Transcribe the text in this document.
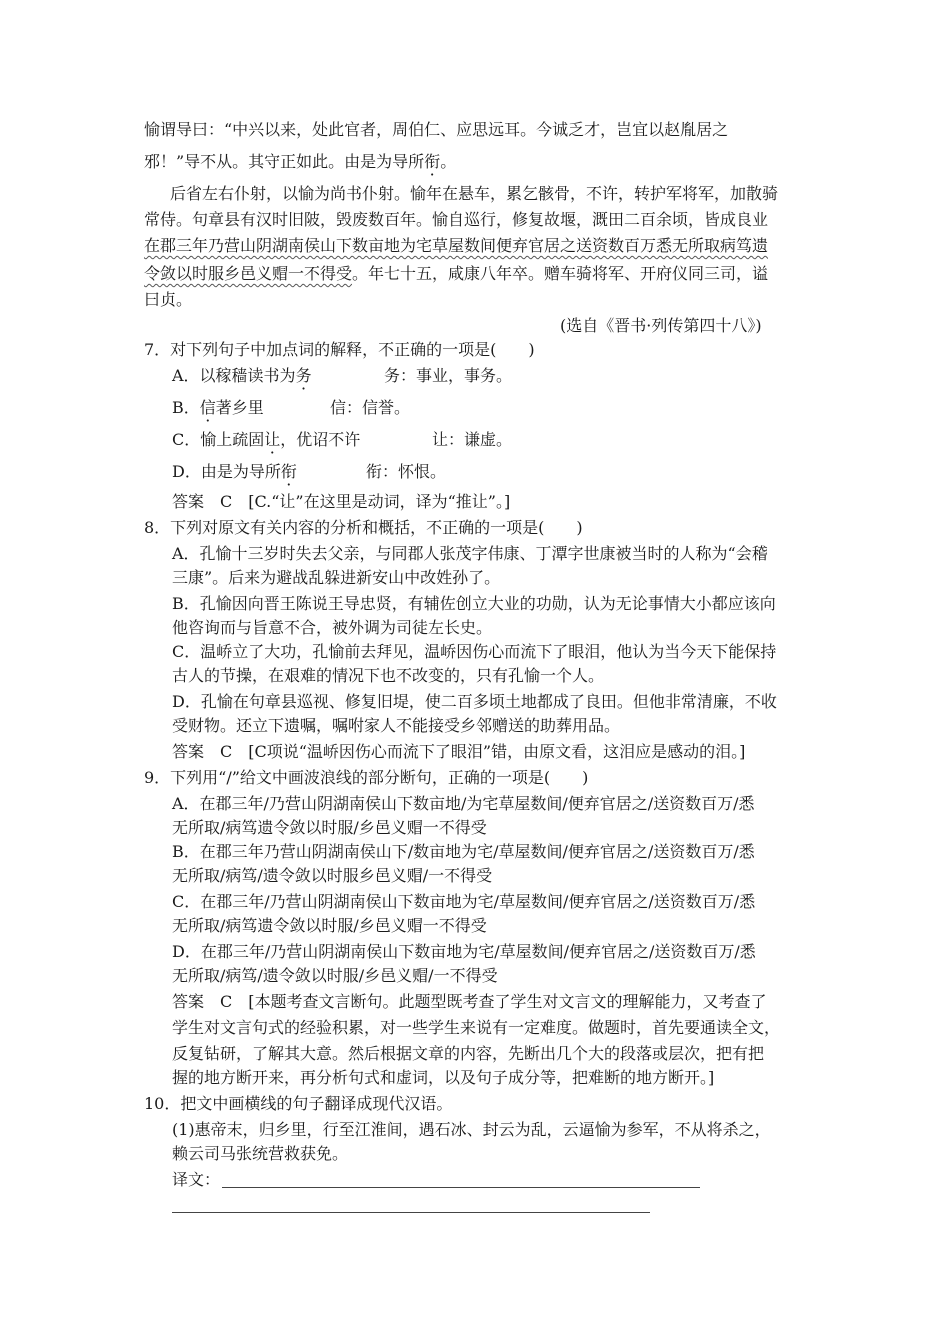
愉谓导曰：“中兴以来，处此官者，周伯仁、应思远耳。今诚乏才，岂宜以赵胤居之
邪！”导不从。其守正如此。由是为导所衔。
后省左右仆射，以愉为尚书仆射。愉年在悬车，累乞骸骨，不许，转护军将军，加散骑
常侍。句章县有汉时旧陂，毁废数百年。愉自巡行，修复故堰，溉田二百余顷，皆成良业
在郡三年乃营山阴湖南侯山下数亩地为宅草屋数间便弃官居之送资数百万悉无所取病笃遗
令敛以时服乡邑义赗一不得受。年七十五，咸康八年卒。赠车骑将军、开府仪同三司，谥
曰贞。
(选自《晋书·列传第四十八》)
7．对下列句子中加点词的解释，不正确的一项是(　　)
A．以稼穑读书为务	务：事业，事务。
B．信著乡里	信：信誉。
C．愉上疏固让，优诏不许	让：谦虚。
D．由是为导所衔	衔：怀恨。
答案　C　[C.“让”在这里是动词，译为“推让”。]
8．下列对原文有关内容的分析和概括，不正确的一项是(　　)
A．孔愉十三岁时失去父亲，与同郡人张茂字伟康、丁潭字世康被当时的人称为“会稽
三康”。后来为避战乱躲进新安山中改姓孙了。
B．孔愉因向晋王陈说王导忠贤，有辅佐创立大业的功勋，认为无论事情大小都应该向
他咨询而与旨意不合，被外调为司徒左长史。
C．温峤立了大功，孔愉前去拜见，温峤因伤心而流下了眼泪，他认为当今天下能保持
古人的节操，在艰难的情况下也不改变的，只有孔愉一个人。
D．孔愉在句章县巡视、修复旧堤，使二百多顷土地都成了良田。但他非常清廉，不收
受财物。还立下遗嘱，嘱咐家人不能接受乡邻赠送的助葬用品。
答案　C　[C项说“温峤因伤心而流下了眼泪”错，由原文看，这泪应是感动的泪。]
9．下列用“/”给文中画波浪线的部分断句，正确的一项是(　　)
A．在郡三年/乃营山阴湖南侯山下数亩地/为宅草屋数间/便弃官居之/送资数百万/悉
无所取/病笃遗令敛以时服/乡邑义赗一不得受
B．在郡三年乃营山阴湖南侯山下/数亩地为宅/草屋数间/便弃官居之/送资数百万/悉
无所取/病笃/遗令敛以时服乡邑义赗/一不得受
C．在郡三年/乃营山阴湖南侯山下数亩地为宅/草屋数间/便弃官居之/送资数百万/悉
无所取/病笃遗令敛以时服/乡邑义赗一不得受
D．在郡三年/乃营山阴湖南侯山下数亩地为宅/草屋数间/便弃官居之/送资数百万/悉
无所取/病笃/遗令敛以时服/乡邑义赗/一不得受
答案　C　[本题考查文言断句。此题型既考查了学生对文言文的理解能力，又考查了
学生对文言句式的经验积累，对一些学生来说有一定难度。做题时，首先要通读全文，
反复钻研，了解其大意。然后根据文章的内容，先断出几个大的段落或层次，把有把
握的地方断开来，再分析句式和虚词，以及句子成分等，把难断的地方断开。]
10．把文中画横线的句子翻译成现代汉语。
(1)惠帝末，归乡里，行至江淮间，遇石冰、封云为乱，云逼愉为参军，不从将杀之，
赖云司马张统营救获免。
译文：
